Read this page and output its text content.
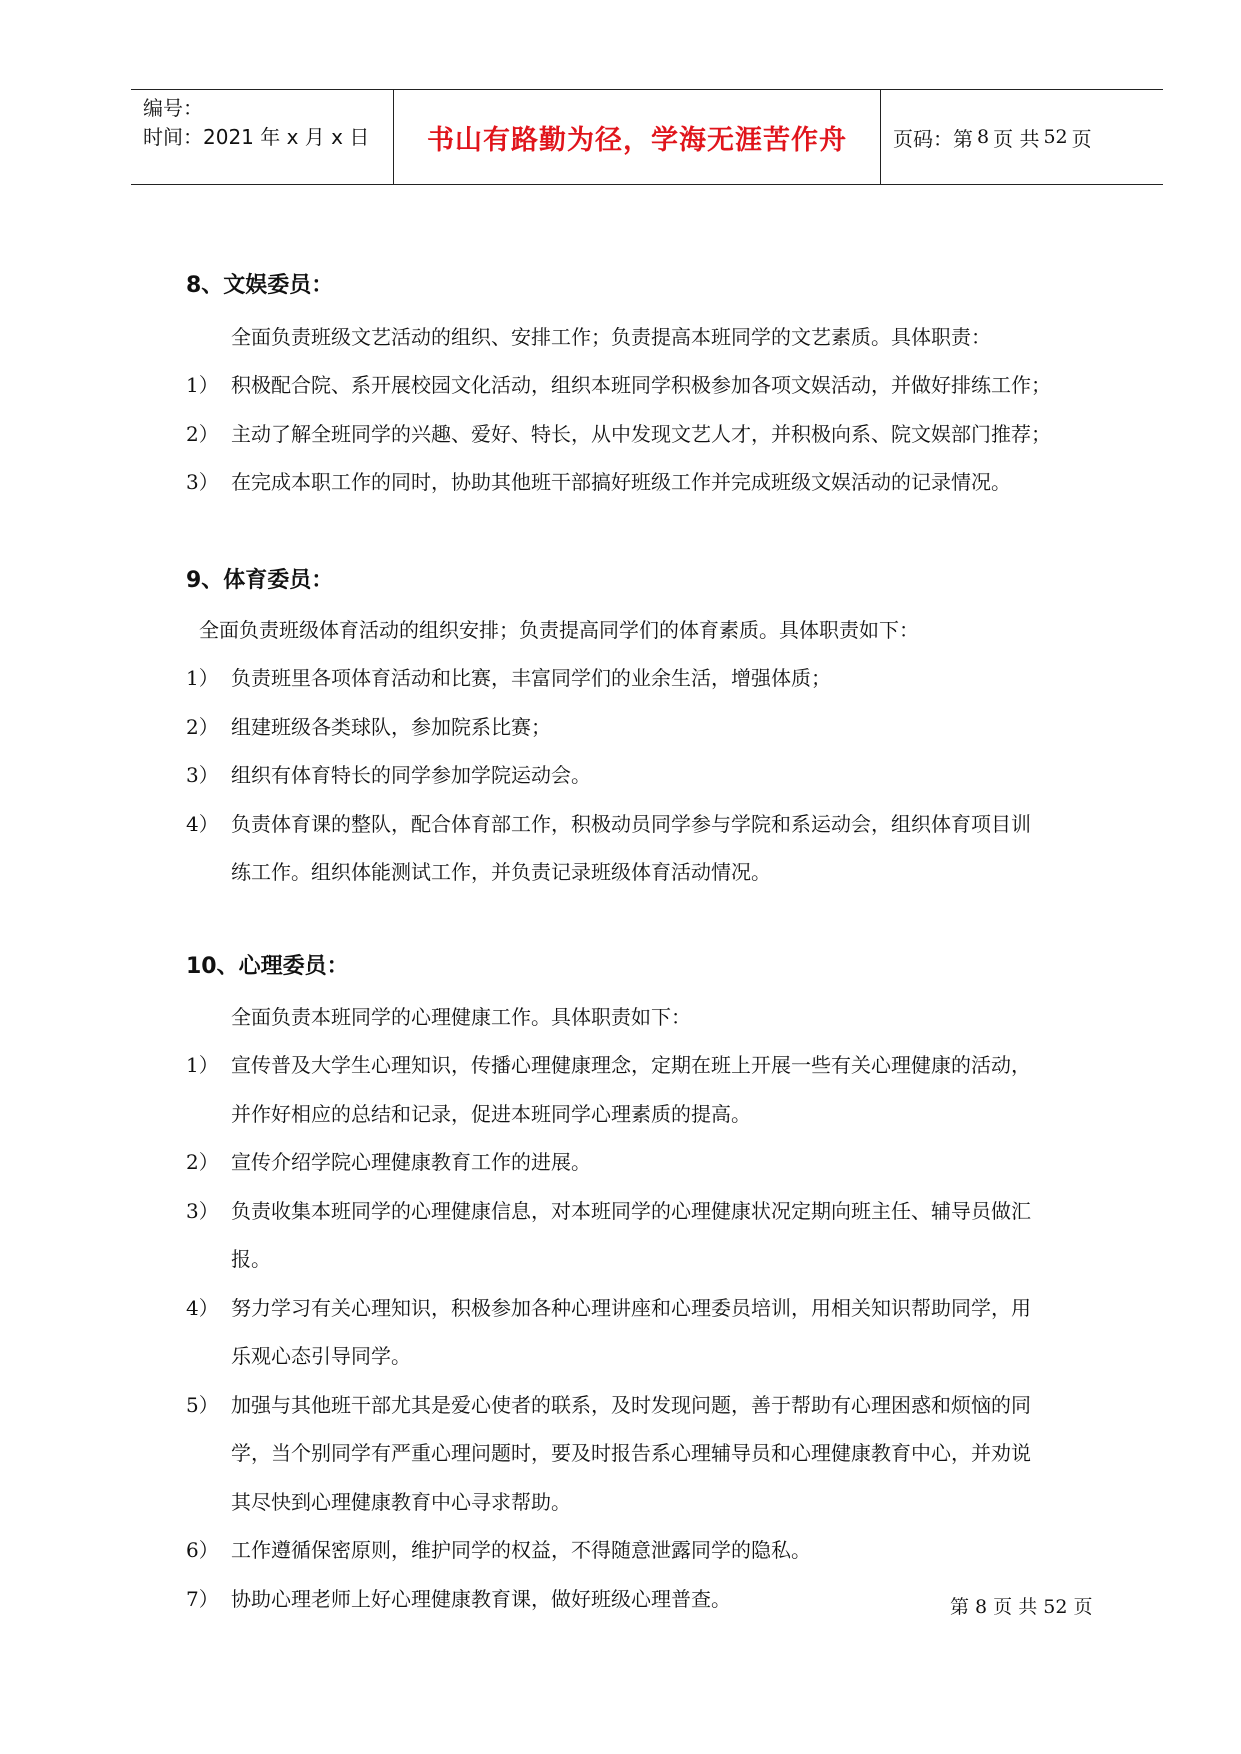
编号：
时间：2021 年 x 月 x 日	书山有路勤为径，学海无涯苦作舟	页码：第 8 页 共 52 页
8、文娱委员：
全面负责班级文艺活动的组织、安排工作；负责提高本班同学的文艺素质。具体职责：
1） 积极配合院、系开展校园文化活动，组织本班同学积极参加各项文娱活动，并做好排练工作；
2） 主动了解全班同学的兴趣、爱好、特长，从中发现文艺人才，并积极向系、院文娱部门推荐；
3） 在完成本职工作的同时，协助其他班干部搞好班级工作并完成班级文娱活动的记录情况。
9、体育委员：
全面负责班级体育活动的组织安排；负责提高同学们的体育素质。具体职责如下：
1） 负责班里各项体育活动和比赛，丰富同学们的业余生活，增强体质；
2） 组建班级各类球队，参加院系比赛；
3） 组织有体育特长的同学参加学院运动会。
4） 负责体育课的整队，配合体育部工作，积极动员同学参与学院和系运动会，组织体育项目训
练工作。组织体能测试工作，并负责记录班级体育活动情况。
10、心理委员：
全面负责本班同学的心理健康工作。具体职责如下：
1） 宣传普及大学生心理知识，传播心理健康理念，定期在班上开展一些有关心理健康的活动，
并作好相应的总结和记录，促进本班同学心理素质的提高。
2） 宣传介绍学院心理健康教育工作的进展。
3） 负责收集本班同学的心理健康信息，对本班同学的心理健康状况定期向班主任、辅导员做汇
报。
4） 努力学习有关心理知识，积极参加各种心理讲座和心理委员培训，用相关知识帮助同学，用
乐观心态引导同学。
5） 加强与其他班干部尤其是爱心使者的联系，及时发现问题，善于帮助有心理困惑和烦恼的同
学，当个别同学有严重心理问题时，要及时报告系心理辅导员和心理健康教育中心，并劝说
其尽快到心理健康教育中心寻求帮助。
6） 工作遵循保密原则，维护同学的权益，不得随意泄露同学的隐私。
7） 协助心理老师上好心理健康教育课，做好班级心理普查。	第 8 页 共 52 页
